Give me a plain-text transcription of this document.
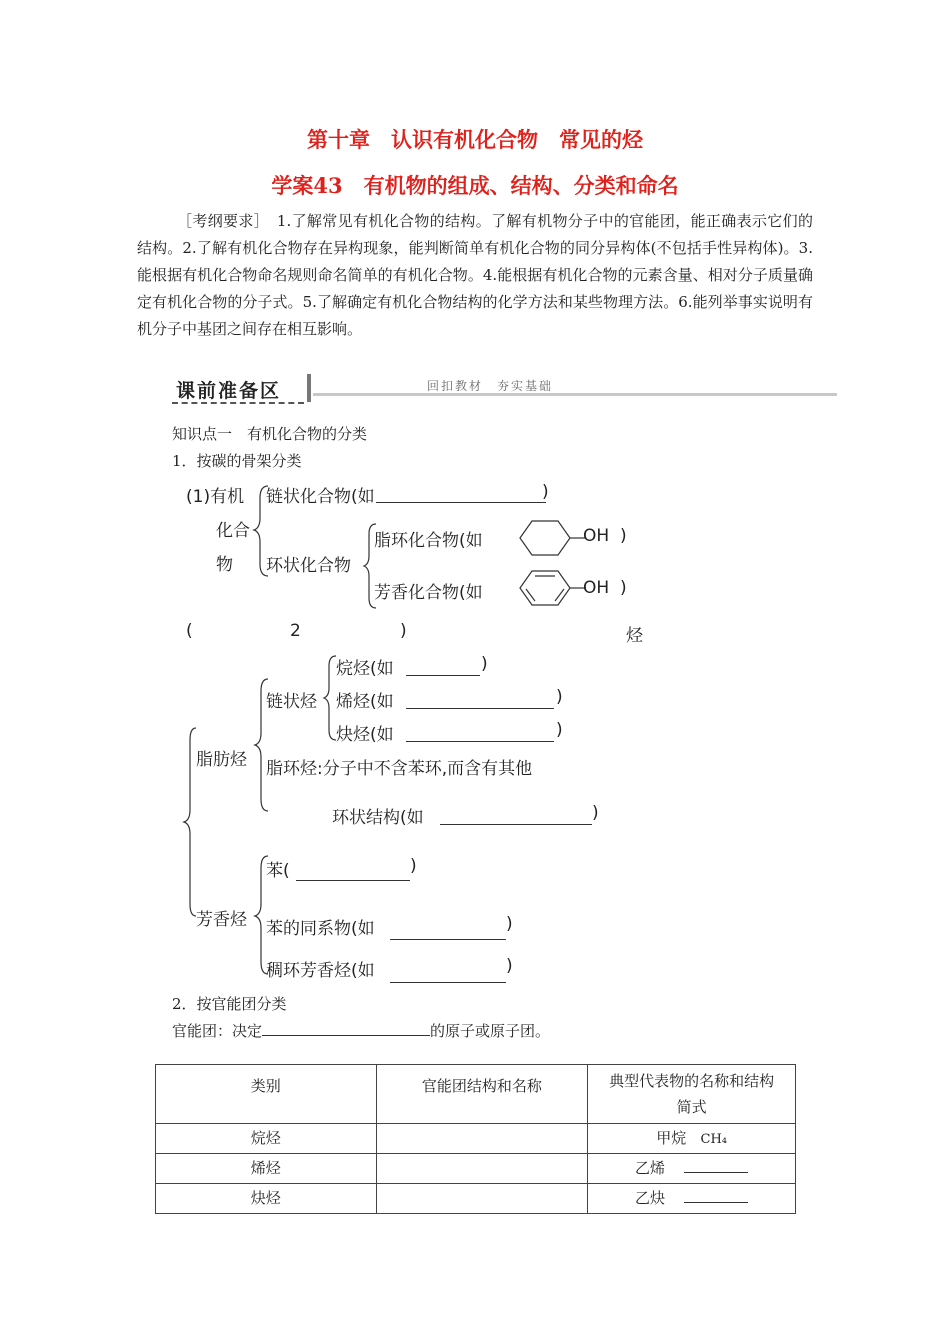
第十章　认识有机化合物　常见的烃
学案43　有机物的组成、结构、分类和命名
［考纲要求］　1.了解常见有机化合物的结构。了解有机物分子中的官能团，能正确表示它们的结构。2.了解有机化合物存在异构现象，能判断简单有机化合物的同分异构体(不包括手性异构体)。3.能根据有机化合物命名规则命名简单的有机化合物。4.能根据有机化合物的元素含量、相对分子质量确定有机化合物的分子式。5.了解确定有机化合物结构的化学方法和某些物理方法。6.能列举事实说明有机分子中基团之间存在相互影响。
课前准备区	回扣教材　夯实基础
知识点一　有机化合物的分类
1．按碳的骨架分类
(1)有机
化合
物
链状化合物(如	)
环状化合物
脂环化合物(如	OH )
芳香化合物(如	OH )
(	2	)	烃
脂肪烃
链状烃
烷烃(如	)
烯烃(如	)
炔烃(如	)
脂环烃:分子中不含苯环,而含有其他
环状结构(如	)
芳香烃
苯(	)
苯的同系物(如	)
稠环芳香烃(如	)
2．按官能团分类
官能团：决定	的原子或原子团。
类别	官能团结构和名称	典型代表物的名称和结构简式
烷烃		甲烷 CH₄
烯烃		乙烯
炔烃		乙炔
